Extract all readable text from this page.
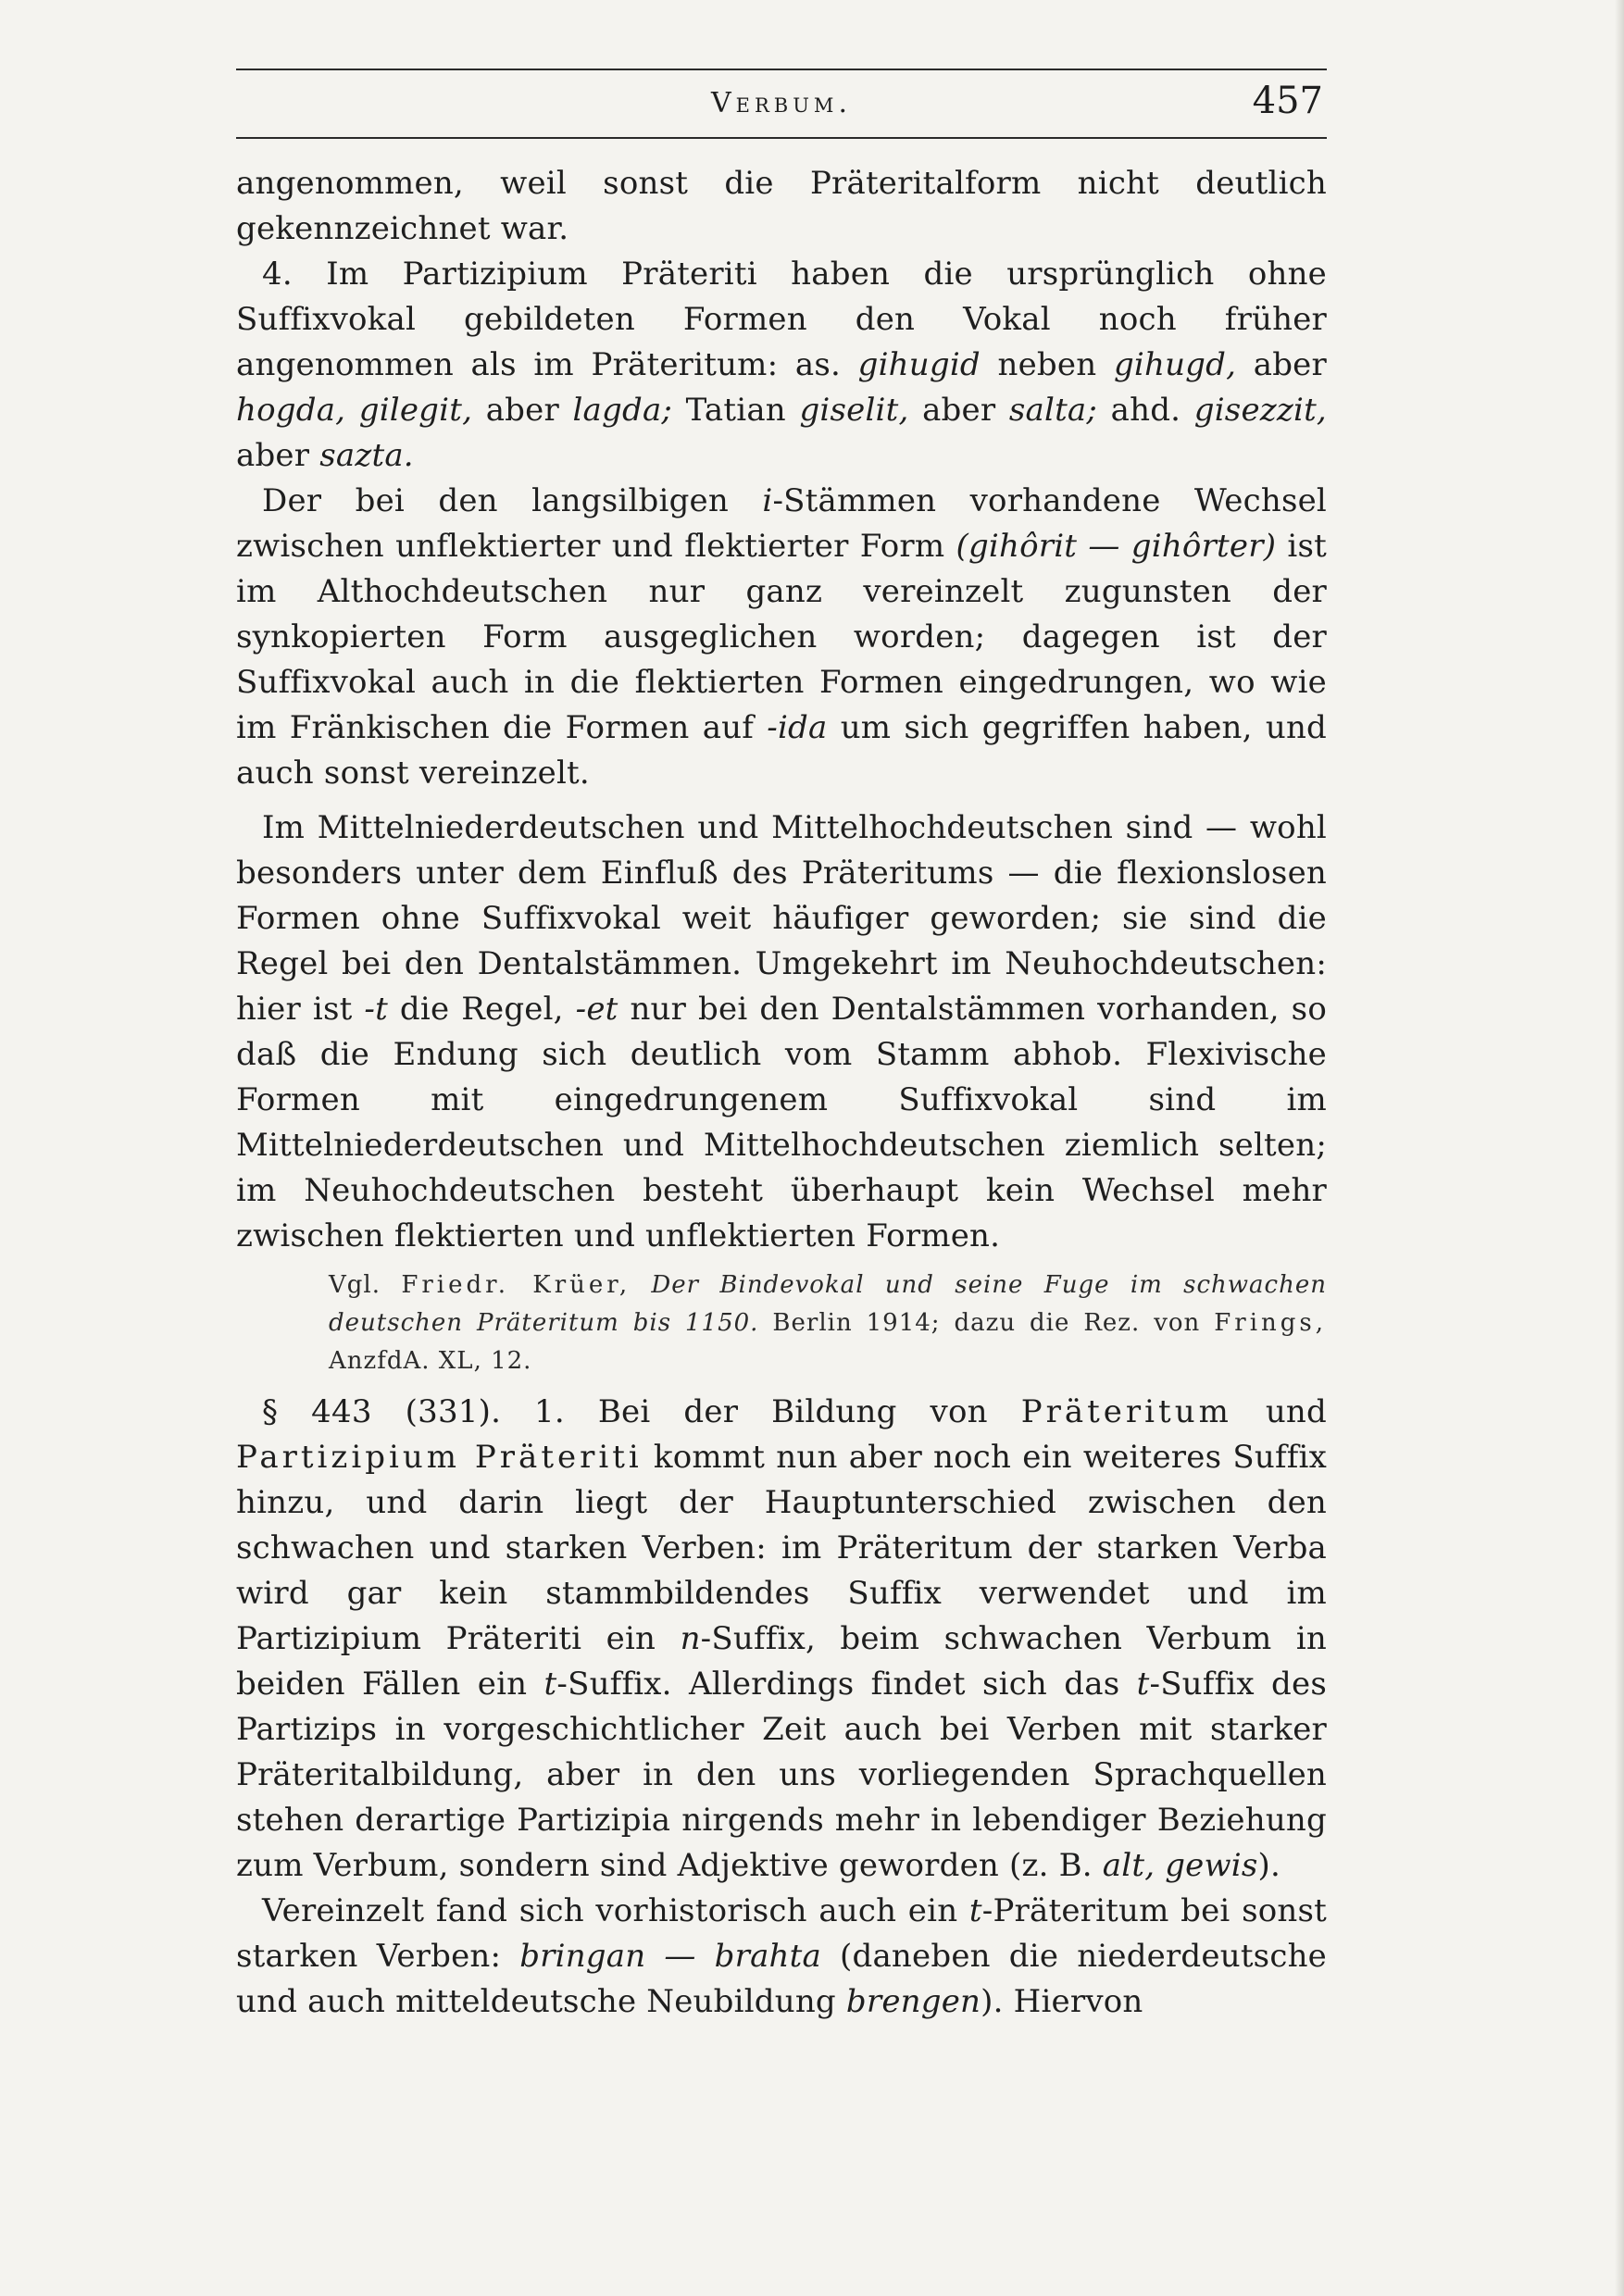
Verbum.	457

angenommen, weil sonst die Präteritalform nicht deutlich gekennzeichnet war.

4. Im Partizipium Präteriti haben die ursprünglich ohne Suffixvokal gebildeten Formen den Vokal noch früher angenommen als im Präteritum: as. gihugid neben gihugd, aber hogda, gilegit, aber lagda; Tatian giselit, aber salta; ahd. gisezzit, aber sazta.

Der bei den langsilbigen i-Stämmen vorhandene Wechsel zwischen unflektierter und flektierter Form (gihôrit — gihôrter) ist im Althochdeutschen nur ganz vereinzelt zugunsten der synkopierten Form ausgeglichen worden; dagegen ist der Suffixvokal auch in die flektierten Formen eingedrungen, wo wie im Fränkischen die Formen auf -ida um sich gegriffen haben, und auch sonst vereinzelt.

Im Mittelniederdeutschen und Mittelhochdeutschen sind — wohl besonders unter dem Einfluß des Präteritums — die flexionslosen Formen ohne Suffixvokal weit häufiger geworden; sie sind die Regel bei den Dentalstämmen. Umgekehrt im Neuhochdeutschen: hier ist -t die Regel, -et nur bei den Dentalstämmen vorhanden, so daß die Endung sich deutlich vom Stamm abhob. Flexivische Formen mit eingedrungenem Suffixvokal sind im Mittelniederdeutschen und Mittelhochdeutschen ziemlich selten; im Neuhochdeutschen besteht überhaupt kein Wechsel mehr zwischen flektierten und unflektierten Formen.

Vgl. Friedr. Krüer, Der Bindevokal und seine Fuge im schwachen deutschen Präteritum bis 1150. Berlin 1914; dazu die Rez. von Frings, AnzfdA. XL, 12.

§ 443 (331). 1. Bei der Bildung von Präteritum und Partizipium Präteriti kommt nun aber noch ein weiteres Suffix hinzu, und darin liegt der Hauptunterschied zwischen den schwachen und starken Verben: im Präteritum der starken Verba wird gar kein stammbildendes Suffix verwendet und im Partizipium Präteriti ein n-Suffix, beim schwachen Verbum in beiden Fällen ein t-Suffix. Allerdings findet sich das t-Suffix des Partizips in vorgeschichtlicher Zeit auch bei Verben mit starker Präteritalbildung, aber in den uns vorliegenden Sprachquellen stehen derartige Partizipia nirgends mehr in lebendiger Beziehung zum Verbum, sondern sind Adjektive geworden (z. B. alt, gewis).

Vereinzelt fand sich vorhistorisch auch ein t-Präteritum bei sonst starken Verben: bringan — brahta (daneben die niederdeutsche und auch mitteldeutsche Neubildung brengen). Hiervon
